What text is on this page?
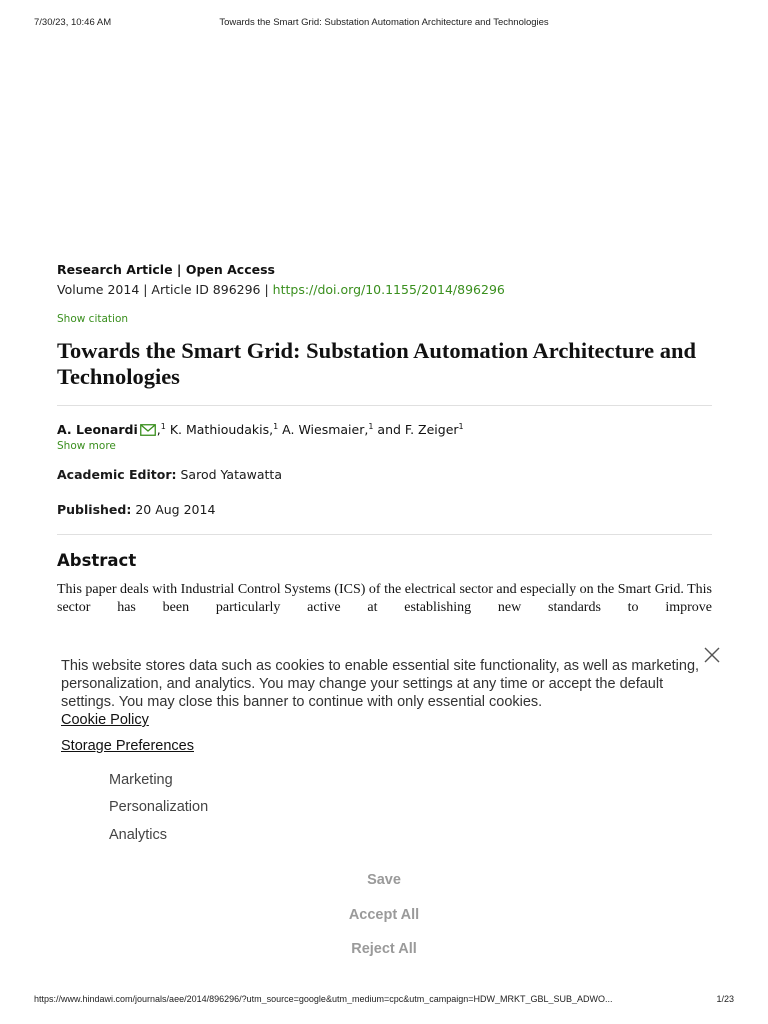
7/30/23, 10:46 AM	Towards the Smart Grid: Substation Automation Architecture and Technologies

Research Article | Open Access

Volume 2014 | Article ID 896296 | https://doi.org/10.1155/2014/896296

Show citation
Towards the Smart Grid: Substation Automation Architecture and Technologies
A. Leonardi ,$^1$ K. Mathioudakis,$^1$ A. Wiesmaier,$^1$ and F. Zeiger$^1$
Show more
Academic Editor: Sarod Yatawatta
Published: 20 Aug 2014
Abstract

This paper deals with Industrial Control Systems (ICS) of the electrical sector and especially on the Smart Grid. This sector has been particularly active at establishing new standards to improve

This website stores data such as cookies to enable essential site functionality, as well as marketing, personalization, and analytics. You may change your settings at any time or accept the default settings. You may close this banner to continue with only essential cookies.

Cookie Policy
Storage Preferences
Marketing
Personalization
Analytics
Save
Accept All
Reject All
https://www.hindawi.com/journals/aee/2014/896296/?utm_source=google&utm_medium=cpc&utm_campaign=HDW_MRKT_GBL_SUB_ADWO...	1/23
